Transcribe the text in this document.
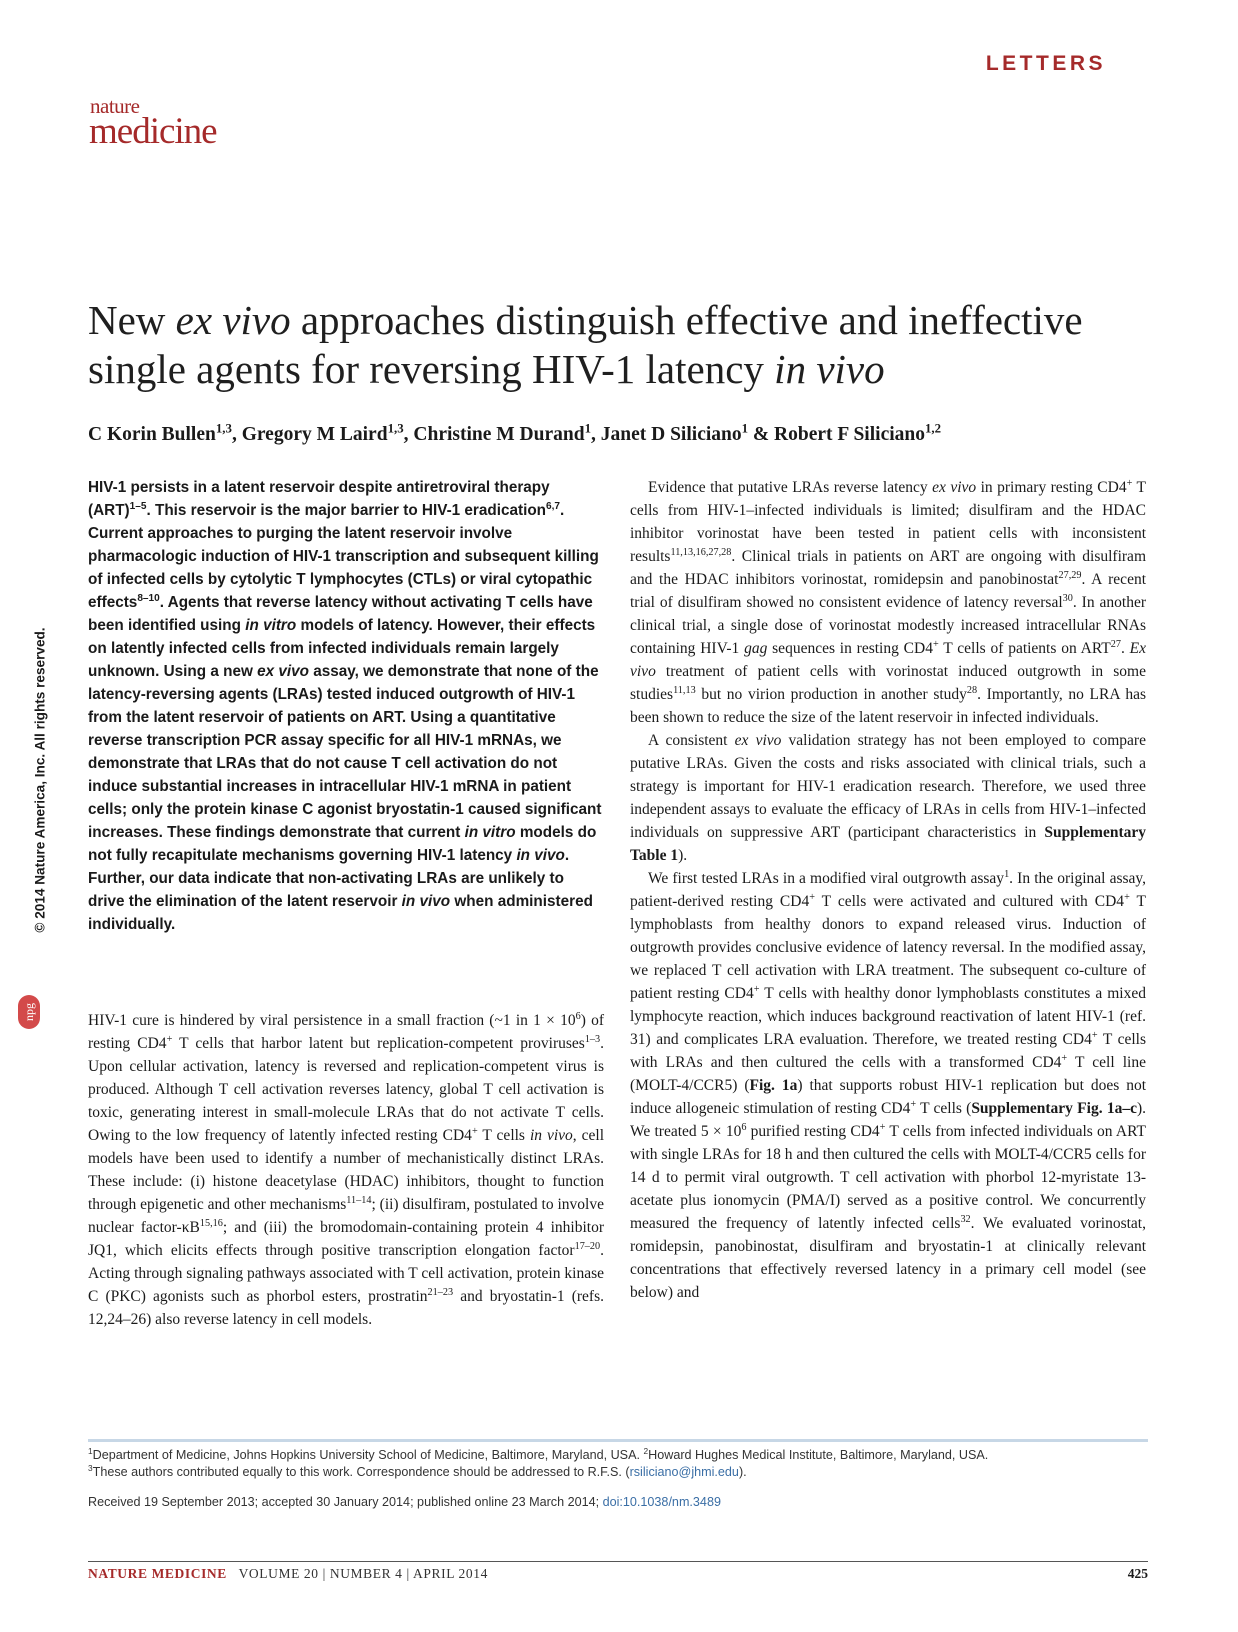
LETTERS
nature
medicine
© 2014 Nature America, Inc. All rights reserved.
npg
New ex vivo approaches distinguish effective and ineffective single agents for reversing HIV-1 latency in vivo
C Korin Bullen$^{1,3}$, Gregory M Laird$^{1,3}$, Christine M Durand$^1$, Janet D Siliciano$^1$ & Robert F Siliciano$^{1,2}$

HIV-1 persists in a latent reservoir despite antiretroviral therapy (ART)$^{1-5}$. This reservoir is the major barrier to HIV-1 eradication$^{6,7}$. Current approaches to purging the latent reservoir involve pharmacologic induction of HIV-1 transcription and subsequent killing of infected cells by cytolytic T lymphocytes (CTLs) or viral cytopathic effects$^{8-10}$. Agents that reverse latency without activating T cells have been identified using in vitro models of latency. However, their effects on latently infected cells from infected individuals remain largely unknown. Using a new ex vivo assay, we demonstrate that none of the latency-reversing agents (LRAs) tested induced outgrowth of HIV-1 from the latent reservoir of patients on ART. Using a quantitative reverse transcription PCR assay specific for all HIV-1 mRNAs, we demonstrate that LRAs that do not cause T cell activation do not induce substantial increases in intracellular HIV-1 mRNA in patient cells; only the protein kinase C agonist bryostatin-1 caused significant increases. These findings demonstrate that current in vitro models do not fully recapitulate mechanisms governing HIV-1 latency in vivo. Further, our data indicate that non-activating LRAs are unlikely to drive the elimination of the latent reservoir in vivo when administered individually.

HIV-1 cure is hindered by viral persistence in a small fraction (~1 in $1 \times 10^6$) of resting CD4+ T cells that harbor latent but replication-competent proviruses$^{1-3}$. Upon cellular activation, latency is reversed and replication-competent virus is produced. Although T cell activation reverses latency, global T cell activation is toxic, generating interest in small-molecule LRAs that do not activate T cells. Owing to the low frequency of latently infected resting CD4+ T cells in vivo, cell models have been used to identify a number of mechanistically distinct LRAs. These include: (i) histone deacetylase (HDAC) inhibitors, thought to function through epigenetic and other mechanisms$^{11-14}$; (ii) disulfiram, postulated to involve nuclear factor-κB$^{15,16}$; and (iii) the bromodomain-containing protein 4 inhibitor JQ1, which elicits effects through positive transcription elongation factor$^{17-20}$. Acting through signaling pathways associated with T cell activation, protein kinase C (PKC) agonists such as phorbol esters, prostratin$^{21-23}$ and bryostatin-1 (refs. 12,24–26) also reverse latency in cell models.

Evidence that putative LRAs reverse latency ex vivo in primary resting CD4+ T cells from HIV-1–infected individuals is limited; disulfiram and the HDAC inhibitor vorinostat have been tested in patient cells with inconsistent results$^{11,13,16,27,28}$. Clinical trials in patients on ART are ongoing with disulfiram and the HDAC inhibitors vorinostat, romidepsin and panobinostat$^{27,29}$. A recent trial of disulfiram showed no consistent evidence of latency reversal$^{30}$. In another clinical trial, a single dose of vorinostat modestly increased intracellular RNAs containing HIV-1 gag sequences in resting CD4+ T cells of patients on ART$^{27}$. Ex vivo treatment of patient cells with vorinostat induced outgrowth in some studies$^{11,13}$ but no virion production in another study$^{28}$. Importantly, no LRA has been shown to reduce the size of the latent reservoir in infected individuals.

A consistent ex vivo validation strategy has not been employed to compare putative LRAs. Given the costs and risks associated with clinical trials, such a strategy is important for HIV-1 eradication research. Therefore, we used three independent assays to evaluate the efficacy of LRAs in cells from HIV-1–infected individuals on suppressive ART (participant characteristics in Supplementary Table 1).

We first tested LRAs in a modified viral outgrowth assay$^1$. In the original assay, patient-derived resting CD4+ T cells were activated and cultured with CD4+ T lymphoblasts from healthy donors to expand released virus. Induction of outgrowth provides conclusive evidence of latency reversal. In the modified assay, we replaced T cell activation with LRA treatment. The subsequent co-culture of patient resting CD4+ T cells with healthy donor lymphoblasts constitutes a mixed lymphocyte reaction, which induces background reactivation of latent HIV-1 (ref. 31) and complicates LRA evaluation. Therefore, we treated resting CD4+ T cells with LRAs and then cultured the cells with a transformed CD4+ T cell line (MOLT-4/CCR5) (Fig. 1a) that supports robust HIV-1 replication but does not induce allogeneic stimulation of resting CD4+ T cells (Supplementary Fig. 1a–c). We treated $5 \times 10^6$ purified resting CD4+ T cells from infected individuals on ART with single LRAs for 18 h and then cultured the cells with MOLT-4/CCR5 cells for 14 d to permit viral outgrowth. T cell activation with phorbol 12-myristate 13-acetate plus ionomycin (PMA/I) served as a positive control. We concurrently measured the frequency of latently infected cells$^{32}$. We evaluated vorinostat, romidepsin, panobinostat, disulfiram and bryostatin-1 at clinically relevant concentrations that effectively reversed latency in a primary cell model (see below) and

$^1$Department of Medicine, Johns Hopkins University School of Medicine, Baltimore, Maryland, USA. $^2$Howard Hughes Medical Institute, Baltimore, Maryland, USA.
$^3$These authors contributed equally to this work. Correspondence should be addressed to R.F.S. (rsiliciano@jhmi.edu).
Received 19 September 2013; accepted 30 January 2014; published online 23 March 2014; doi:10.1038/nm.3489
NATURE MEDICINE VOLUME 20 | NUMBER 4 | APRIL 2014	425
